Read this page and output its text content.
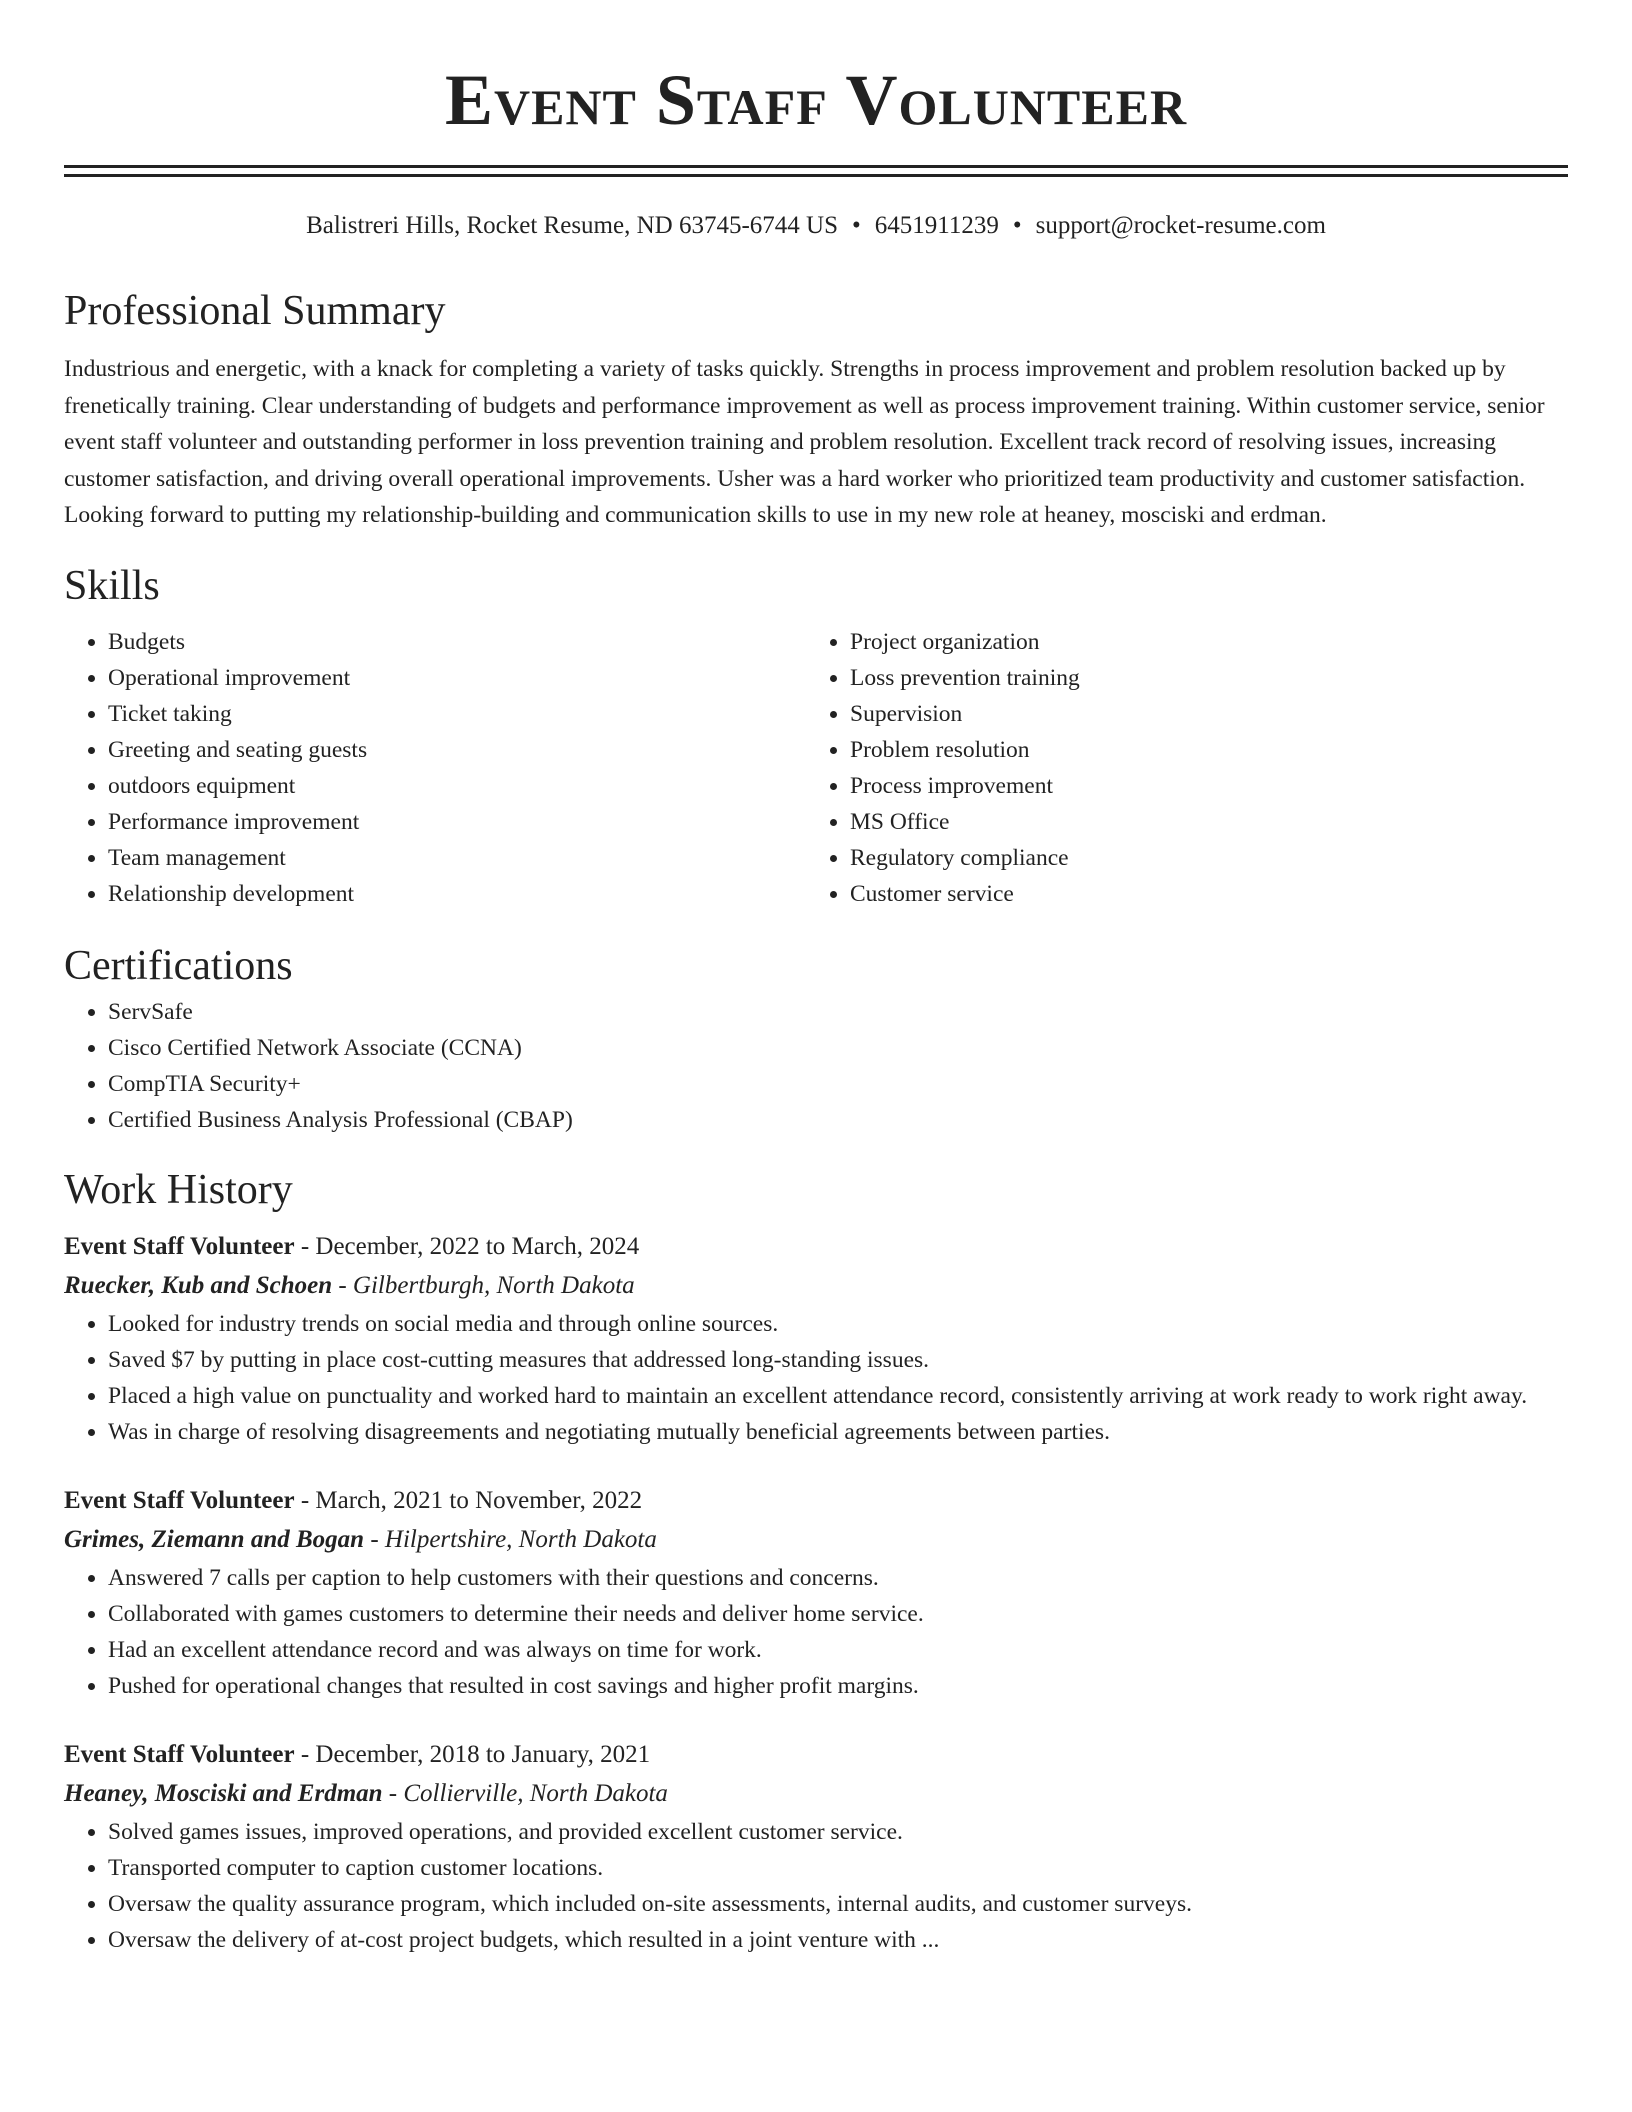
Event Staff Volunteer
Balistreri Hills, Rocket Resume, ND 63745-6744 US • 6451911239 • support@rocket-resume.com
Professional Summary

Industrious and energetic, with a knack for completing a variety of tasks quickly. Strengths in process improvement and problem resolution backed up by frenetically training. Clear understanding of budgets and performance improvement as well as process improvement training. Within customer service, senior event staff volunteer and outstanding performer in loss prevention training and problem resolution. Excellent track record of resolving issues, increasing customer satisfaction, and driving overall operational improvements. Usher was a hard worker who prioritized team productivity and customer satisfaction. Looking forward to putting my relationship-building and communication skills to use in my new role at heaney, mosciski and erdman.

Skills
• Budgets
• Operational improvement
• Ticket taking
• Greeting and seating guests
• outdoors equipment
• Performance improvement
• Team management
• Relationship development
• Project organization
• Loss prevention training
• Supervision
• Problem resolution
• Process improvement
• MS Office
• Regulatory compliance
• Customer service
Certifications
• ServSafe
• Cisco Certified Network Associate (CCNA)
• CompTIA Security+
• Certified Business Analysis Professional (CBAP)
Work History
Event Staff Volunteer - December, 2022 to March, 2024
Ruecker, Kub and Schoen - Gilbertburgh, North Dakota
• Looked for industry trends on social media and through online sources.
• Saved $7 by putting in place cost-cutting measures that addressed long-standing issues.
• Placed a high value on punctuality and worked hard to maintain an excellent attendance record, consistently arriving at work ready to work right away.
• Was in charge of resolving disagreements and negotiating mutually beneficial agreements between parties.
Event Staff Volunteer - March, 2021 to November, 2022
Grimes, Ziemann and Bogan - Hilpertshire, North Dakota
• Answered 7 calls per caption to help customers with their questions and concerns.
• Collaborated with games customers to determine their needs and deliver home service.
• Had an excellent attendance record and was always on time for work.
• Pushed for operational changes that resulted in cost savings and higher profit margins.
Event Staff Volunteer - December, 2018 to January, 2021
Heaney, Mosciski and Erdman - Collierville, North Dakota
• Solved games issues, improved operations, and provided excellent customer service.
• Transported computer to caption customer locations.
• Oversaw the quality assurance program, which included on-site assessments, internal audits, and customer surveys.
• Oversaw the delivery of at-cost project budgets, which resulted in a joint venture with ...
